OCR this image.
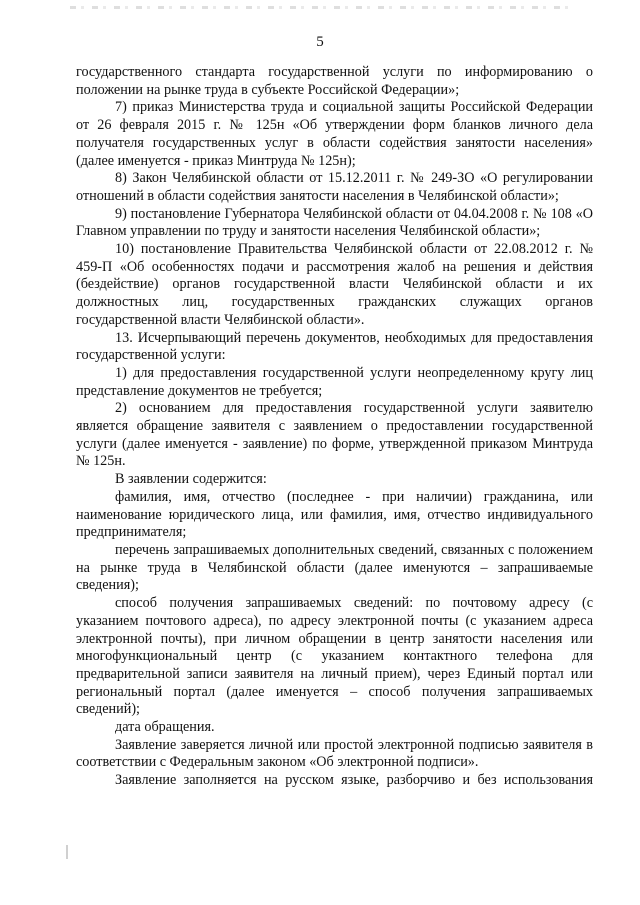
5

государственного стандарта государственной услуги по информированию о положении на рынке труда в субъекте Российской Федерации»;

7) приказ Министерства труда и социальной защиты Российской Федерации от 26 февраля 2015 г. № 125н «Об утверждении форм бланков личного дела получателя государственных услуг в области содействия занятости населения» (далее именуется - приказ Минтруда № 125н);

8) Закон Челябинской области от 15.12.2011 г. № 249-ЗО «О регулировании отношений в области содействия занятости населения в Челябинской области»;

9) постановление Губернатора Челябинской области от 04.04.2008 г. № 108 «О Главном управлении по труду и занятости населения Челябинской области»;

10) постановление Правительства Челябинской области от 22.08.2012 г. № 459-П «Об особенностях подачи и рассмотрения жалоб на решения и действия (бездействие) органов государственной власти Челябинской области и их должностных лиц, государственных гражданских служащих органов государственной власти Челябинской области».

13. Исчерпывающий перечень документов, необходимых для предоставления государственной услуги:

1) для предоставления государственной услуги неопределенному кругу лиц представление документов не требуется;

2) основанием для предоставления государственной услуги заявителю является обращение заявителя с заявлением о предоставлении государственной услуги (далее именуется - заявление) по форме, утвержденной приказом Минтруда № 125н.

В заявлении содержится:

фамилия, имя, отчество (последнее - при наличии) гражданина, или наименование юридического лица, или фамилия, имя, отчество индивидуального предпринимателя;

перечень запрашиваемых дополнительных сведений, связанных с положением на рынке труда в Челябинской области (далее именуются – запрашиваемые сведения);

способ получения запрашиваемых сведений: по почтовому адресу (с указанием почтового адреса), по адресу электронной почты (с указанием адреса электронной почты), при личном обращении в центр занятости населения или многофункциональный центр (с указанием контактного телефона для предварительной записи заявителя на личный прием), через Единый портал или региональный портал (далее именуется – способ получения запрашиваемых сведений);

дата обращения.

Заявление заверяется личной или простой электронной подписью заявителя в соответствии с Федеральным законом «Об электронной подписи».

Заявление заполняется на русском языке, разборчиво и без использования
